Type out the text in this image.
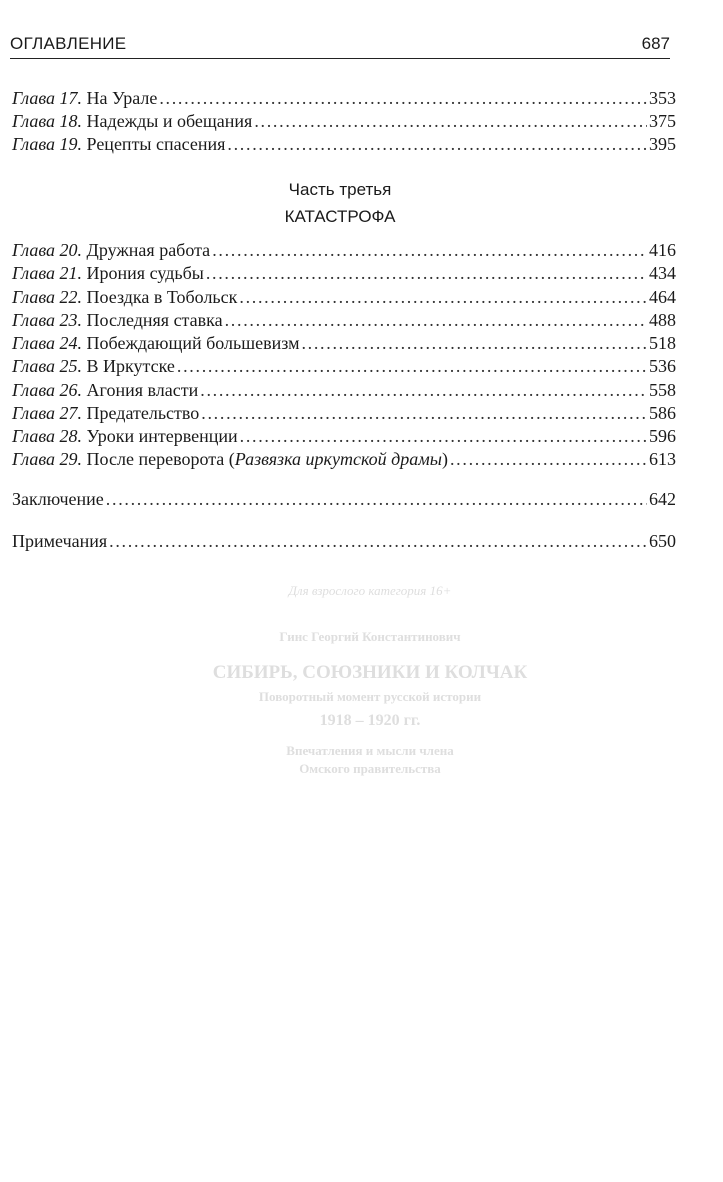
ОГЛАВЛЕНИЕ	687
Глава 17. На Урале . . .	353
Глава 18. Надежды и обещания . . .	375
Глава 19. Рецепты спасения . . .	395
Часть третья
КАТАСТРОФА
Глава 20. Дружная работа . . .	416
Глава 21. Ирония судьбы . . .	434
Глава 22. Поездка в Тобольск . . .	464
Глава 23. Последняя ставка . . .	488
Глава 24. Побеждающий большевизм . . .	518
Глава 25. В Иркутске . . .	536
Глава 26. Агония власти . . .	558
Глава 27. Предательство . . .	586
Глава 28. Уроки интервенции . . .	596
Глава 29. После переворота (Развязка иркутской драмы) . . .	613
Заключение . . .	642
Примечания . . .	650
Для взрослого категория 16+
Гинс Георгий Константинович
СИБИРЬ, СОЮЗНИКИ И КОЛЧАК
Поворотный момент русской истории
1918 – 1920 гг.
Впечатления и мысли члена
Омского правительства
